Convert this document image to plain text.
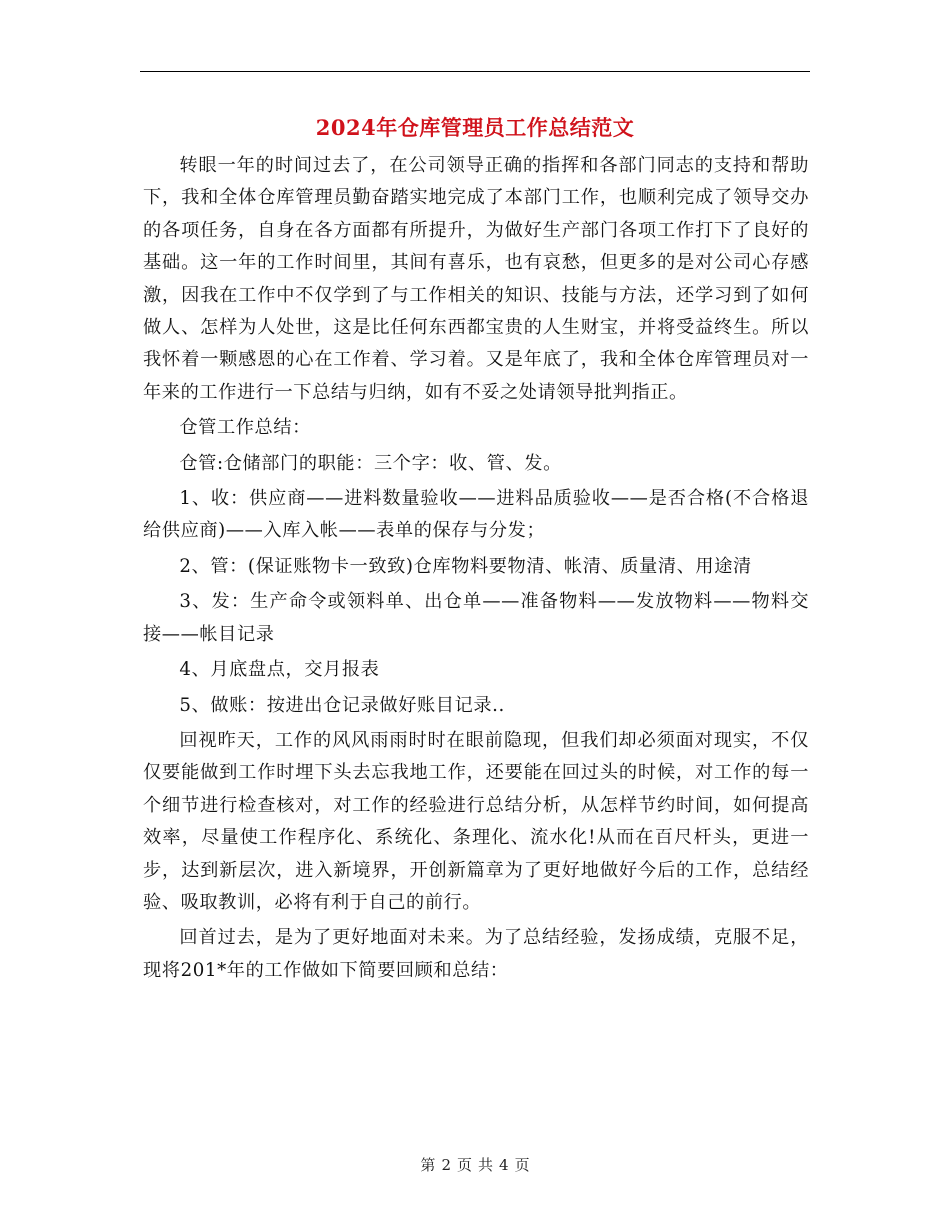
2024年仓库管理员工作总结范文

转眼一年的时间过去了，在公司领导正确的指挥和各部门同志的支持和帮助下，我和全体仓库管理员勤奋踏实地完成了本部门工作，也顺利完成了领导交办的各项任务，自身在各方面都有所提升，为做好生产部门各项工作打下了良好的基础。这一年的工作时间里，其间有喜乐，也有哀愁，但更多的是对公司心存感激，因我在工作中不仅学到了与工作相关的知识、技能与方法，还学习到了如何做人、怎样为人处世，这是比任何东西都宝贵的人生财宝，并将受益终生。所以我怀着一颗感恩的心在工作着、学习着。又是年底了，我和全体仓库管理员对一年来的工作进行一下总结与归纳，如有不妥之处请领导批判指正。

仓管工作总结：

仓管:仓储部门的职能：三个字：收、管、发。

1、收：供应商——进料数量验收——进料品质验收——是否合格(不合格退给供应商)——入库入帐——表单的保存与分发；

2、管：(保证账物卡一致致)仓库物料要物清、帐清、质量清、用途清

3、发：生产命令或领料单、出仓单——准备物料——发放物料——物料交接——帐目记录

4、月底盘点，交月报表

5、做账：按进出仓记录做好账目记录..

回视昨天，工作的风风雨雨时时在眼前隐现，但我们却必须面对现实，不仅仅要能做到工作时埋下头去忘我地工作，还要能在回过头的时候，对工作的每一个细节进行检查核对，对工作的经验进行总结分析，从怎样节约时间，如何提高效率，尽量使工作程序化、系统化、条理化、流水化!从而在百尺杆头，更进一步，达到新层次，进入新境界，开创新篇章为了更好地做好今后的工作，总结经验、吸取教训，必将有利于自己的前行。

回首过去，是为了更好地面对未来。为了总结经验，发扬成绩，克服不足，现将201*年的工作做如下简要回顾和总结：

第 2 页 共 4 页
